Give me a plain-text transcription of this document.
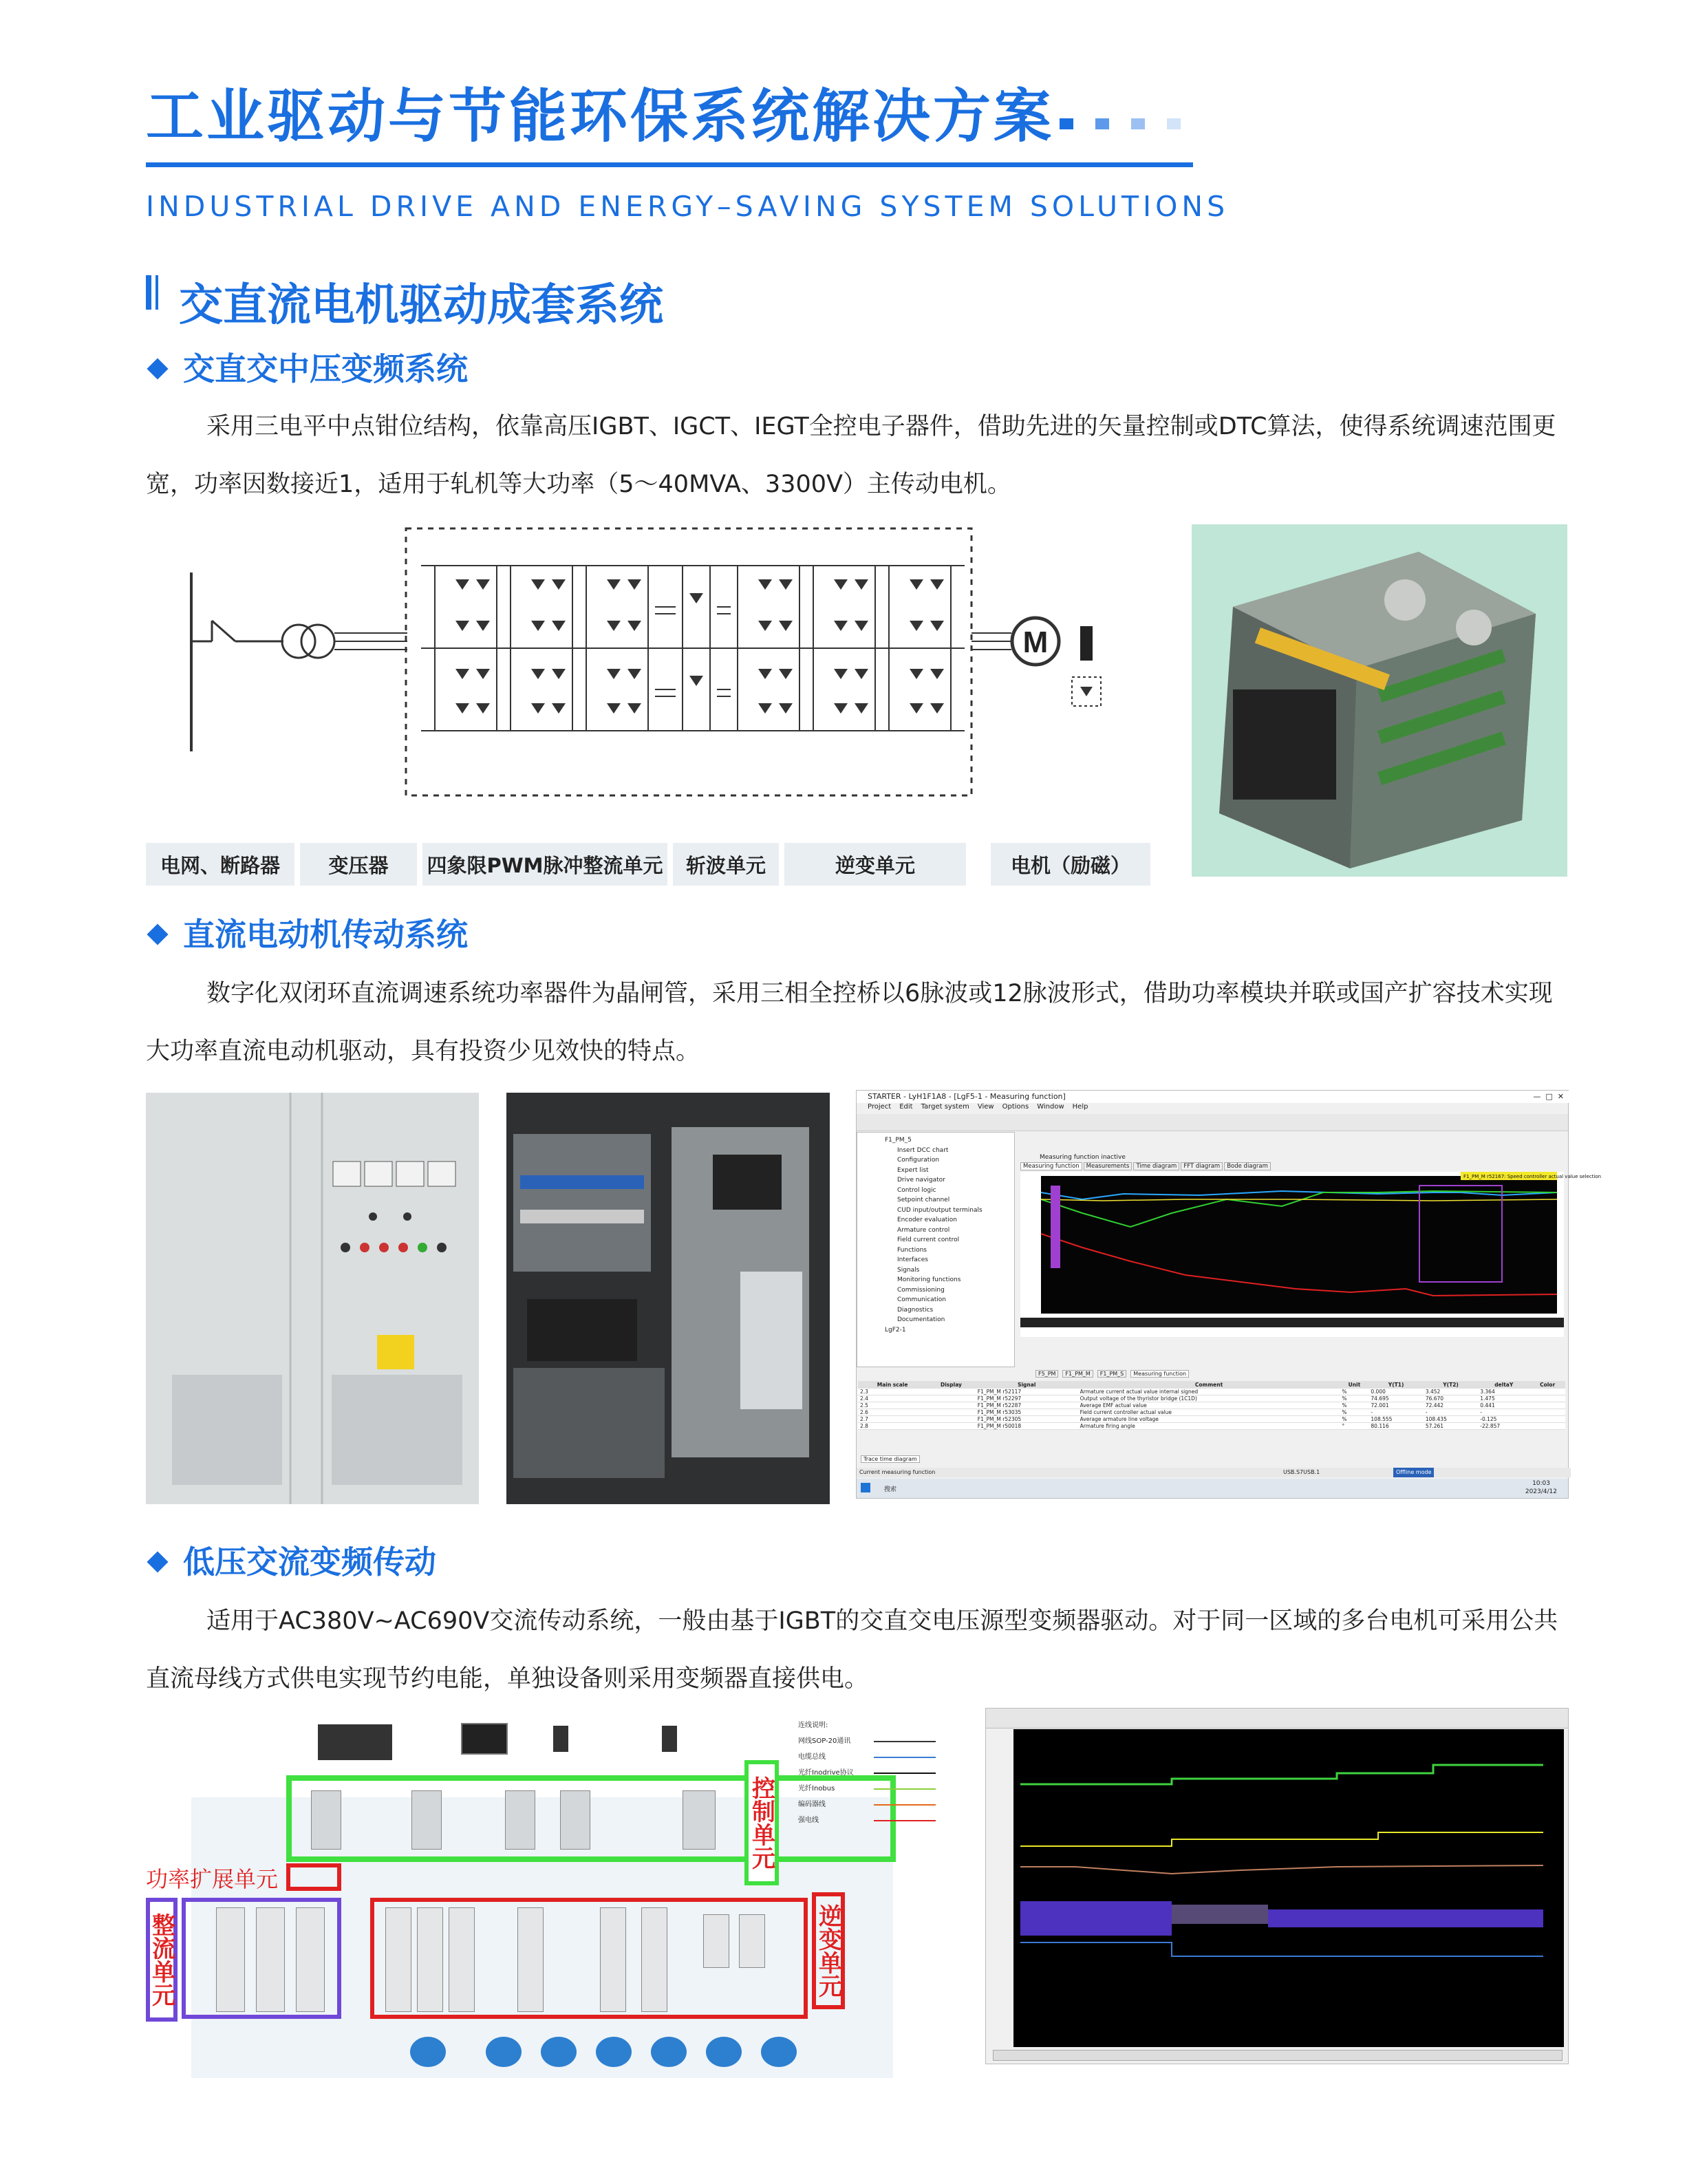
工业驱动与节能环保系统解决方案
INDUSTRIAL DRIVE AND ENERGY–SAVING SYSTEM SOLUTIONS
交直流电机驱动成套系统
交直交中压变频系统
采用三电平中点钳位结构，依靠高压IGBT、IGCT、IEGT全控电子器件，借助先进的矢量控制或DTC算法，使得系统调速范围更宽，功率因数接近1，适用于轧机等大功率（5～40MVA、3300V）主传动电机。
M
电网、断路器	变压器	四象限PWM脉冲整流单元	斩波单元	逆变单元	电机（励磁）
直流电动机传动系统
数字化双闭环直流调速系统功率器件为晶闸管，采用三相全控桥以6脉波或12脉波形式，借助功率模块并联或国产扩容技术实现大功率直流电动机驱动，具有投资少见效快的特点。
STARTER - LyH1F1A8 - [LgF5-1 - Measuring function]	—  □  ✕
Project Edit Target system View Options Window Help
F1_PM_5
Insert DCC chart
Configuration
Expert list
Drive navigator
Control logic
Setpoint channel
CUD input/output terminals
Encoder evaluation
Armature control
Field current control
Functions
Interfaces
Signals
Monitoring functions
Commissioning
Communication
Diagnostics
Documentation
LgF2-1
Measuring function inactive
Measuring function	Measurements	Time diagram	FFT diagram	Bode diagram
F1_PM_M r52167: Speed controller actual value selection
F5_PM	F1_PM_M	F1_PM_S	Measuring function
Main scale	Display	Signal	Comment	Unit	Y(T1)	Y(T2)	deltaY	Color
2.3		F1_PM_M r52117	Armature current actual value internal signed	%	0.000	3.452	3.364	
2.4		F1_PM_M r52297	Output voltage of the thyristor bridge (1C1D)	%	74.695	76.670	1.475	
2.5		F1_PM_M r52287	Average EMF actual value	%	72.001	72.442	0.441	
2.6		F1_PM_M r53035	Field current controller actual value	%	-	-	-	
2.7		F1_PM_M r52305	Average armature line voltage	%	108.555	108.435	-0.125	
2.8		F1_PM_M r50018	Armature firing angle	°	80.116	57.261	-22.857	
Trace time diagram
Current measuring function	USB.S7USB.1	Offline mode
搜索
10:03
2023/4/12
低压交流变频传动
适用于AC380V~AC690V交流传动系统，一般由基于IGBT的交直交电压源型变频器驱动。对于同一区域的多台电机可采用公共直流母线方式供电实现节约电能，单独设备则采用变频器直接供电。
控制单元
连线说明:
网线SOP-20通讯
电缆总线
光纤Inodrive协议
光纤Inobus
编码器线
强电线
功率扩展单元
整流单元	逆变单元
